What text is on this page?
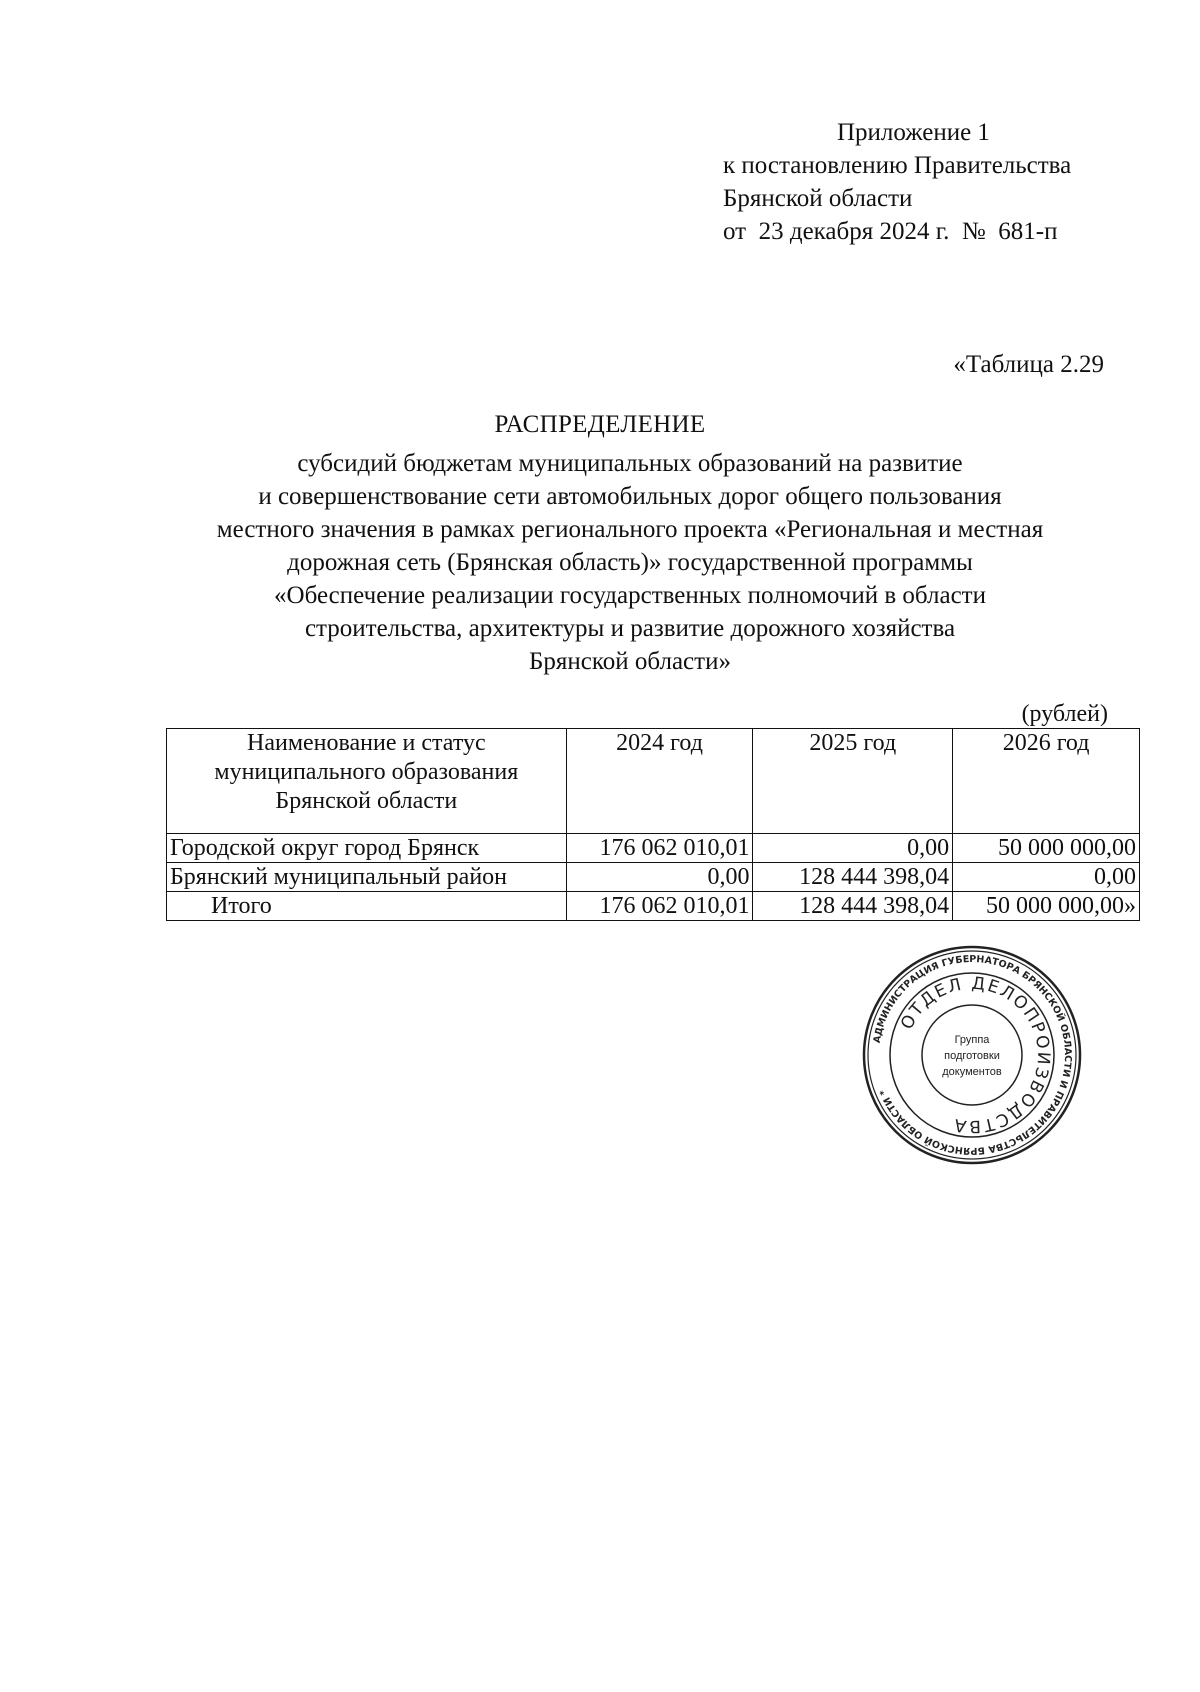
Приложение 1
к постановлению Правительства
Брянской области
от  23 декабря 2024 г.  №  681-п
«Таблица 2.29
РАСПРЕДЕЛЕНИЕ
субсидий бюджетам муниципальных образований на развитие
и совершенствование сети автомобильных дорог общего пользования
местного значения в рамках регионального проекта «Региональная и местная
дорожная сеть (Брянская область)» государственной программы
«Обеспечение реализации государственных полномочий в области
строительства, архитектуры и развитие дорожного хозяйства
Брянской области»
(рублей)
Наименование и статус
муниципального образования
Брянской области	2024 год	2025 год	2026 год
Городской округ город Брянск	176 062 010,01	0,00	50 000 000,00
Брянский муниципальный район	0,00	128 444 398,04	0,00
Итого	176 062 010,01	128 444 398,04	50 000 000,00»
АДМИНИСТРАЦИЯ ГУБЕРНАТОРА БРЯНСКОЙ ОБЛАСТИ И ПРАВИТЕЛЬСТВА БРЯНСКОЙ ОБЛАСТИ *
ОТДЕЛ ДЕЛОПРОИЗВОДСТВА
Группа
подготовки
документов
